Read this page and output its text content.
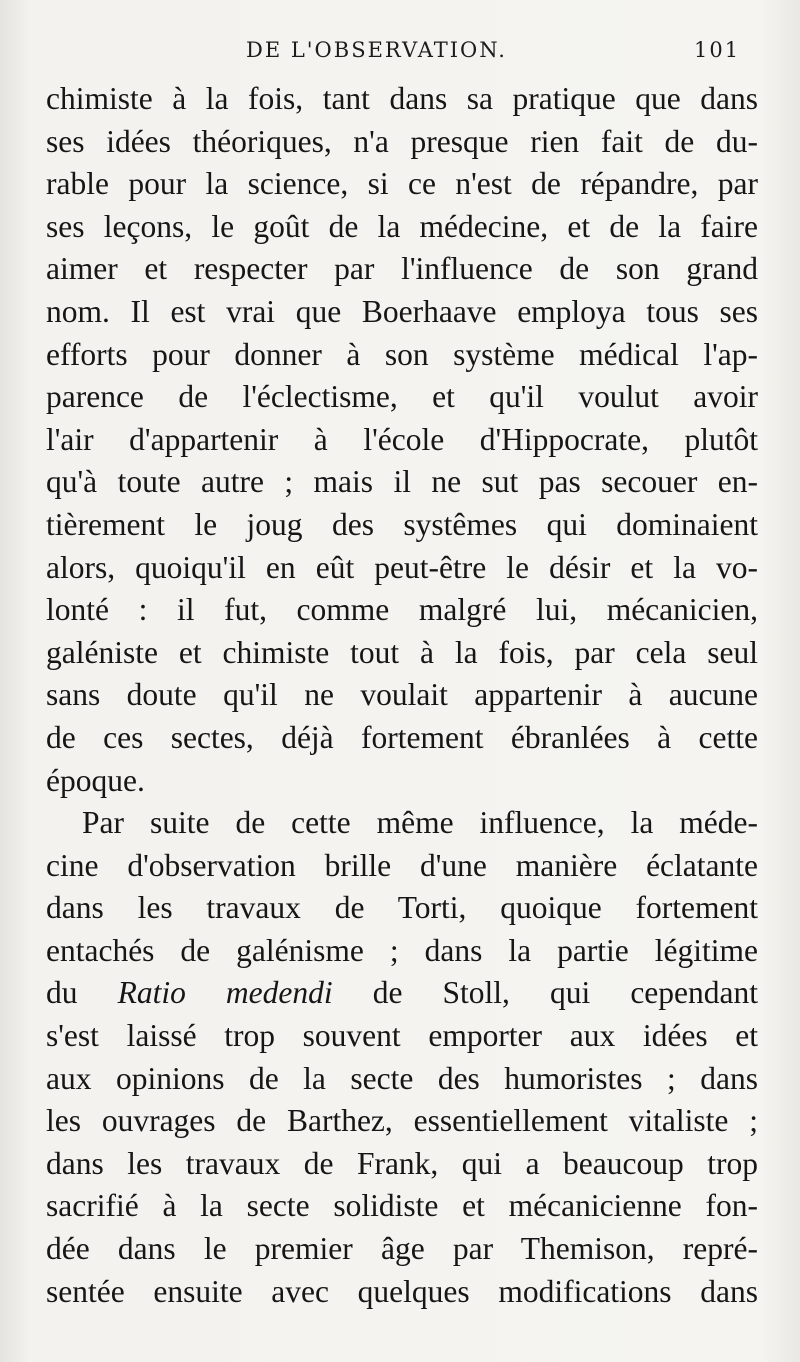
DE L'OBSERVATION.	101
chimiste à la fois, tant dans sa pratique que dans
ses idées théoriques, n'a presque rien fait de du-
rable pour la science, si ce n'est de répandre, par
ses leçons, le goût de la médecine, et de la faire
aimer et respecter par l'influence de son grand
nom. Il est vrai que Boerhaave employa tous ses
efforts pour donner à son système médical l'ap-
parence de l'éclectisme, et qu'il voulut avoir
l'air d'appartenir à l'école d'Hippocrate, plutôt
qu'à toute autre ; mais il ne sut pas secouer en-
tièrement le joug des systêmes qui dominaient
alors, quoiqu'il en eût peut-être le désir et la vo-
lonté : il fut, comme malgré lui, mécanicien,
galéniste et chimiste tout à la fois, par cela seul
sans doute qu'il ne voulait appartenir à aucune
de ces sectes, déjà fortement ébranlées à cette
époque.
Par suite de cette même influence, la méde-
cine d'observation brille d'une manière éclatante
dans les travaux de Torti, quoique fortement
entachés de galénisme ; dans la partie légitime
du Ratio medendi de Stoll, qui cependant
s'est laissé trop souvent emporter aux idées et
aux opinions de la secte des humoristes ; dans
les ouvrages de Barthez, essentiellement vitaliste ;
dans les travaux de Frank, qui a beaucoup trop
sacrifié à la secte solidiste et mécanicienne fon-
dée dans le premier âge par Themison, repré-
sentée ensuite avec quelques modifications dans
